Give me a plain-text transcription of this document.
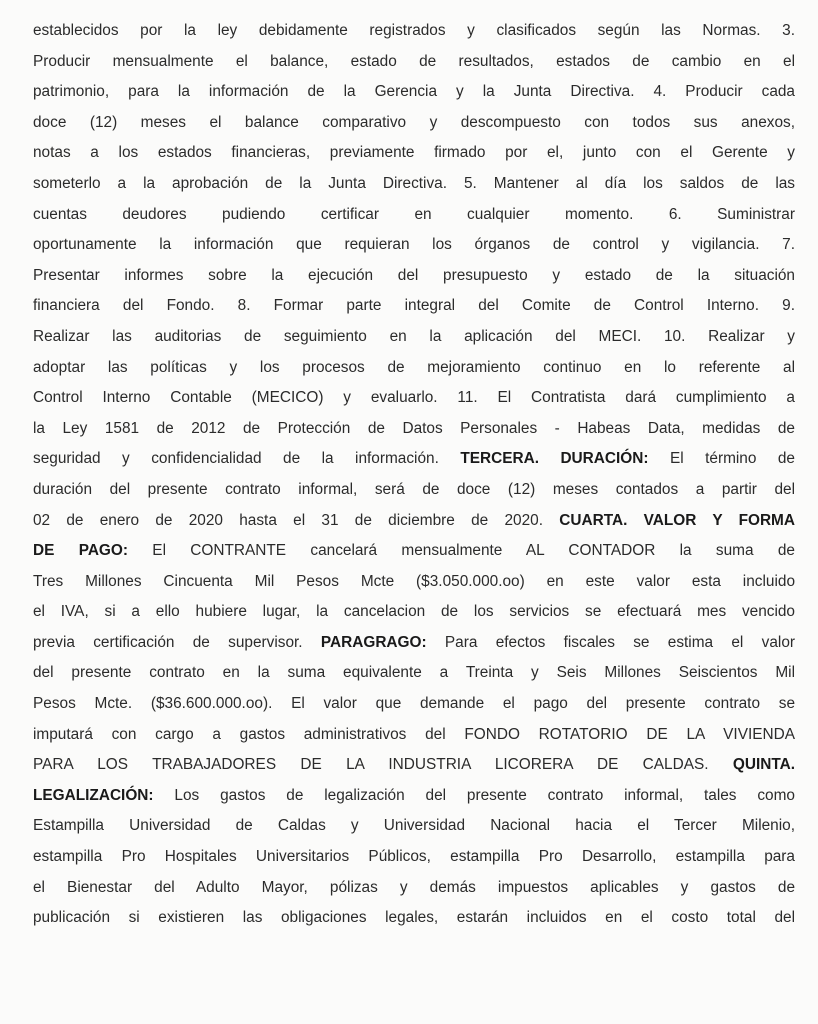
establecidos por la ley debidamente registrados y clasificados según las Normas. 3.
Producir mensualmente el balance, estado de resultados, estados de cambio en el
patrimonio, para la información de la Gerencia y la Junta Directiva. 4. Producir cada
doce (12) meses el balance comparativo y descompuesto con todos sus anexos,
notas a los estados financieras, previamente firmado por el, junto con el Gerente y
someterlo a la aprobación de la Junta Directiva. 5. Mantener al día los saldos de las
cuentas deudores pudiendo certificar en cualquier momento. 6. Suministrar
oportunamente la información que requieran los órganos de control y vigilancia. 7.
Presentar informes sobre la ejecución del presupuesto y estado de la situación
financiera del Fondo. 8. Formar parte integral del Comite de Control Interno. 9.
Realizar las auditorias de seguimiento en la aplicación del MECI. 10. Realizar y
adoptar las políticas y los procesos de mejoramiento continuo en lo referente al
Control Interno Contable (MECICO) y evaluarlo. 11. El Contratista dará cumplimiento a
la Ley 1581 de 2012 de Protección de Datos Personales - Habeas Data, medidas de
seguridad y confidencialidad de la información. TERCERA. DURACIÓN: El término de
duración del presente contrato informal, será de doce (12) meses contados a partir del
02 de enero de 2020 hasta el 31 de diciembre de 2020. CUARTA. VALOR Y FORMA
DE PAGO: El CONTRANTE cancelará mensualmente AL CONTADOR la suma de
Tres Millones Cincuenta Mil Pesos Mcte ($3.050.000.oo) en este valor esta incluido
el IVA, si a ello hubiere lugar, la cancelacion de los servicios se efectuará mes vencido
previa certificación de supervisor. PARAGRAGO: Para efectos fiscales se estima el valor
del presente contrato en la suma equivalente a Treinta y Seis Millones Seiscientos Mil
Pesos Mcte. ($36.600.000.oo). El valor que demande el pago del presente contrato se
imputará con cargo a gastos administrativos del FONDO ROTATORIO DE LA VIVIENDA
PARA LOS TRABAJADORES DE LA INDUSTRIA LICORERA DE CALDAS. QUINTA.
LEGALIZACIÓN: Los gastos de legalización del presente contrato informal, tales como
Estampilla Universidad de Caldas y Universidad Nacional hacia el Tercer Milenio,
estampilla Pro Hospitales Universitarios Públicos, estampilla Pro Desarrollo, estampilla para
el Bienestar del Adulto Mayor, pólizas y demás impuestos aplicables y gastos de
publicación si existieren las obligaciones legales, estarán incluidos en el costo total del
